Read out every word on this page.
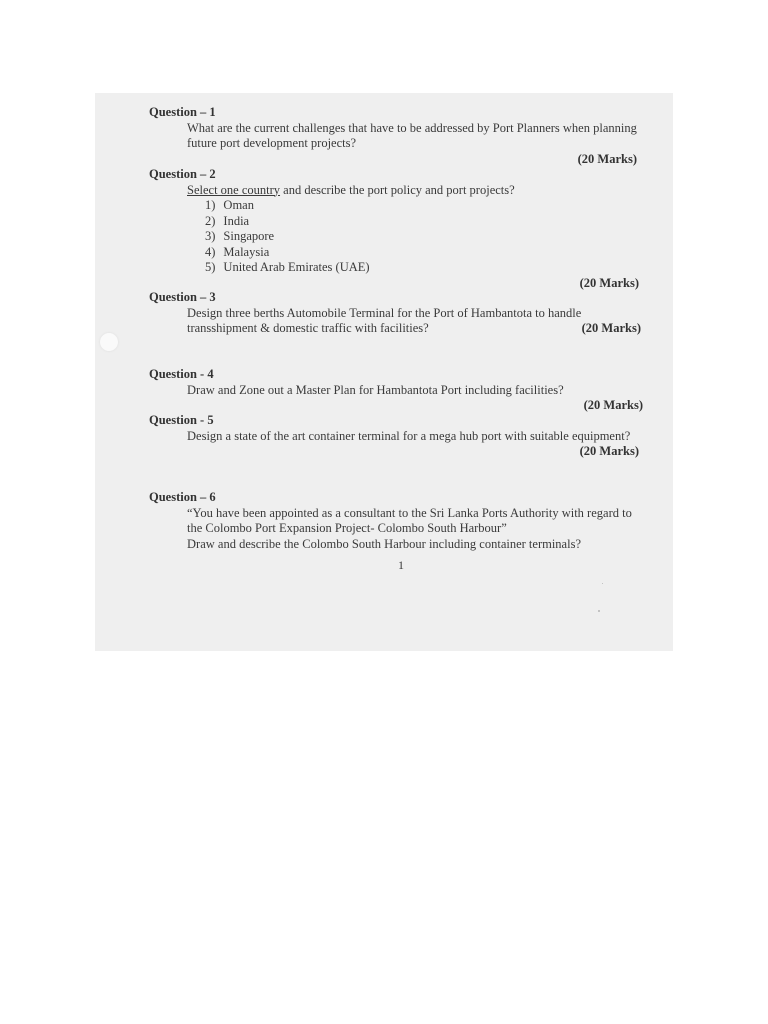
Question – 1
What are the current challenges that have to be addressed by Port Planners when planning
future port development projects?
(20 Marks)
Question – 2
Select one country and describe the port policy and port projects?
1) Oman
2) India
3) Singapore
4) Malaysia
5) United Arab Emirates (UAE)
(20 Marks)
Question – 3
Design three berths Automobile Terminal for the Port of Hambantota to handle
(20 Marks)
transshipment & domestic traffic with facilities?
Question - 4
Draw and Zone out a Master Plan for Hambantota Port including facilities?
(20 Marks)
Question - 5
Design a state of the art container terminal for a mega hub port with suitable equipment?
(20 Marks)
Question – 6
“You have been appointed as a consultant to the Sri Lanka Ports Authority with regard to
the Colombo Port Expansion Project- Colombo South Harbour”
Draw and describe the Colombo South Harbour including container terminals?
1
